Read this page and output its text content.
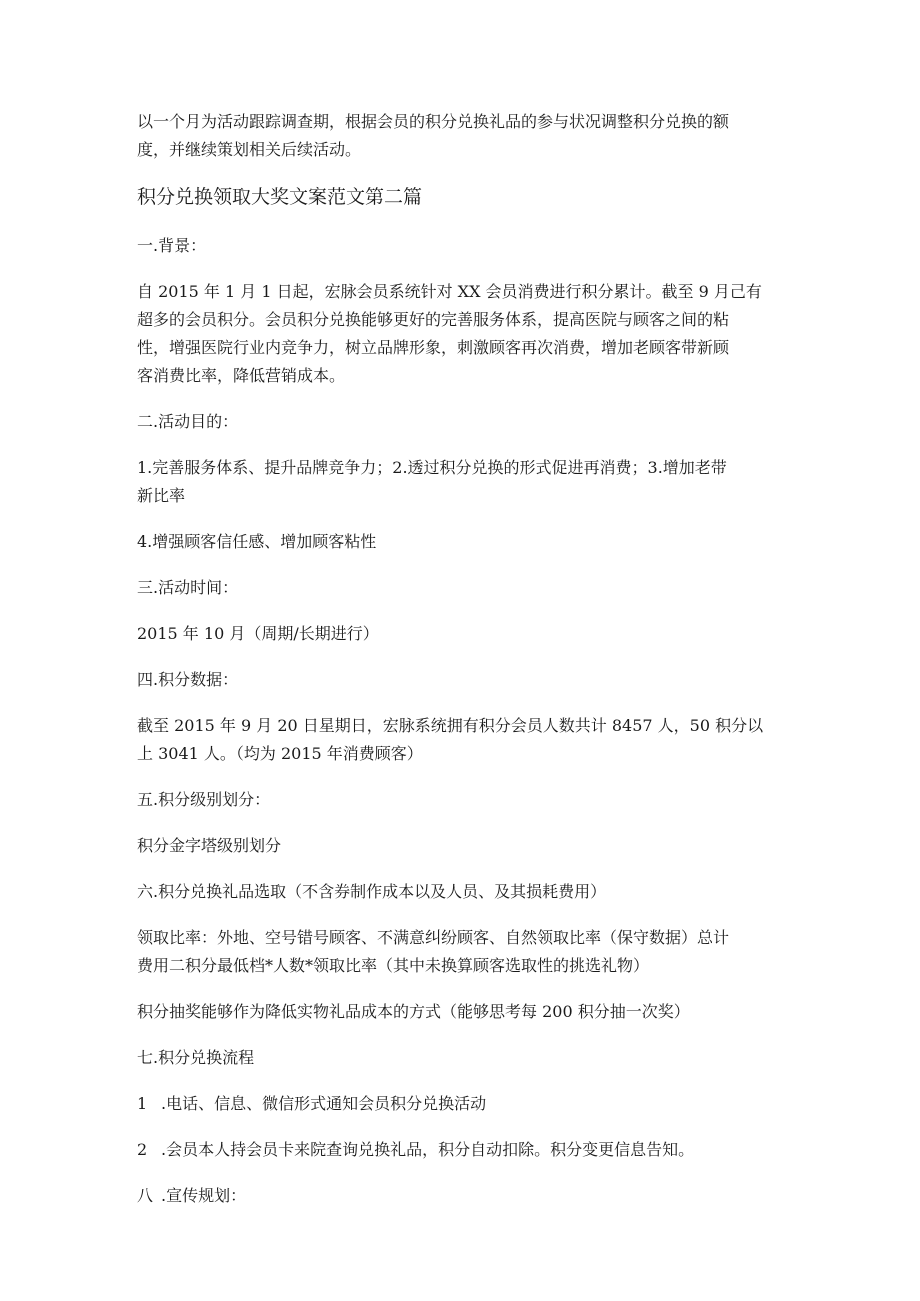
以一个月为活动跟踪调查期，根据会员的积分兑换礼品的参与状况调整积分兑换的额
度，并继续策划相关后续活动。

积分兑换领取大奖文案范文第二篇

一.背景：

自 2015 年 1 月 1 日起，宏脉会员系统针对 XX 会员消费进行积分累计。截至 9 月己有
超多的会员积分。会员积分兑换能够更好的完善服务体系，提高医院与顾客之间的粘
性，增强医院行业内竞争力，树立品牌形象，刺激顾客再次消费，增加老顾客带新顾
客消费比率，降低营销成本。

二.活动目的：

1.完善服务体系、提升品牌竞争力；2.透过积分兑换的形式促进再消费；3.增加老带
新比率

4.增强顾客信任感、增加顾客粘性

三.活动时间：

2015 年 10 月（周期/长期进行）

四.积分数据：

截至 2015 年 9 月 20 日星期日，宏脉系统拥有积分会员人数共计 8457 人，50 积分以
上 3041 人。（均为 2015 年消费顾客）

五.积分级别划分：

积分金字塔级别划分

六.积分兑换礼品选取（不含券制作成本以及人员、及其损耗费用）

领取比率：外地、空号错号顾客、不满意纠纷顾客、自然领取比率（保守数据）总计
费用二积分最低档*人数*领取比率（其中未换算顾客选取性的挑选礼物）

积分抽奖能够作为降低实物礼品成本的方式（能够思考每 200 积分抽一次奖）

七.积分兑换流程

1 .电话、信息、微信形式通知会员积分兑换活动

2 .会员本人持会员卡来院查询兑换礼品，积分自动扣除。积分变更信息告知。

八 .宣传规划：
